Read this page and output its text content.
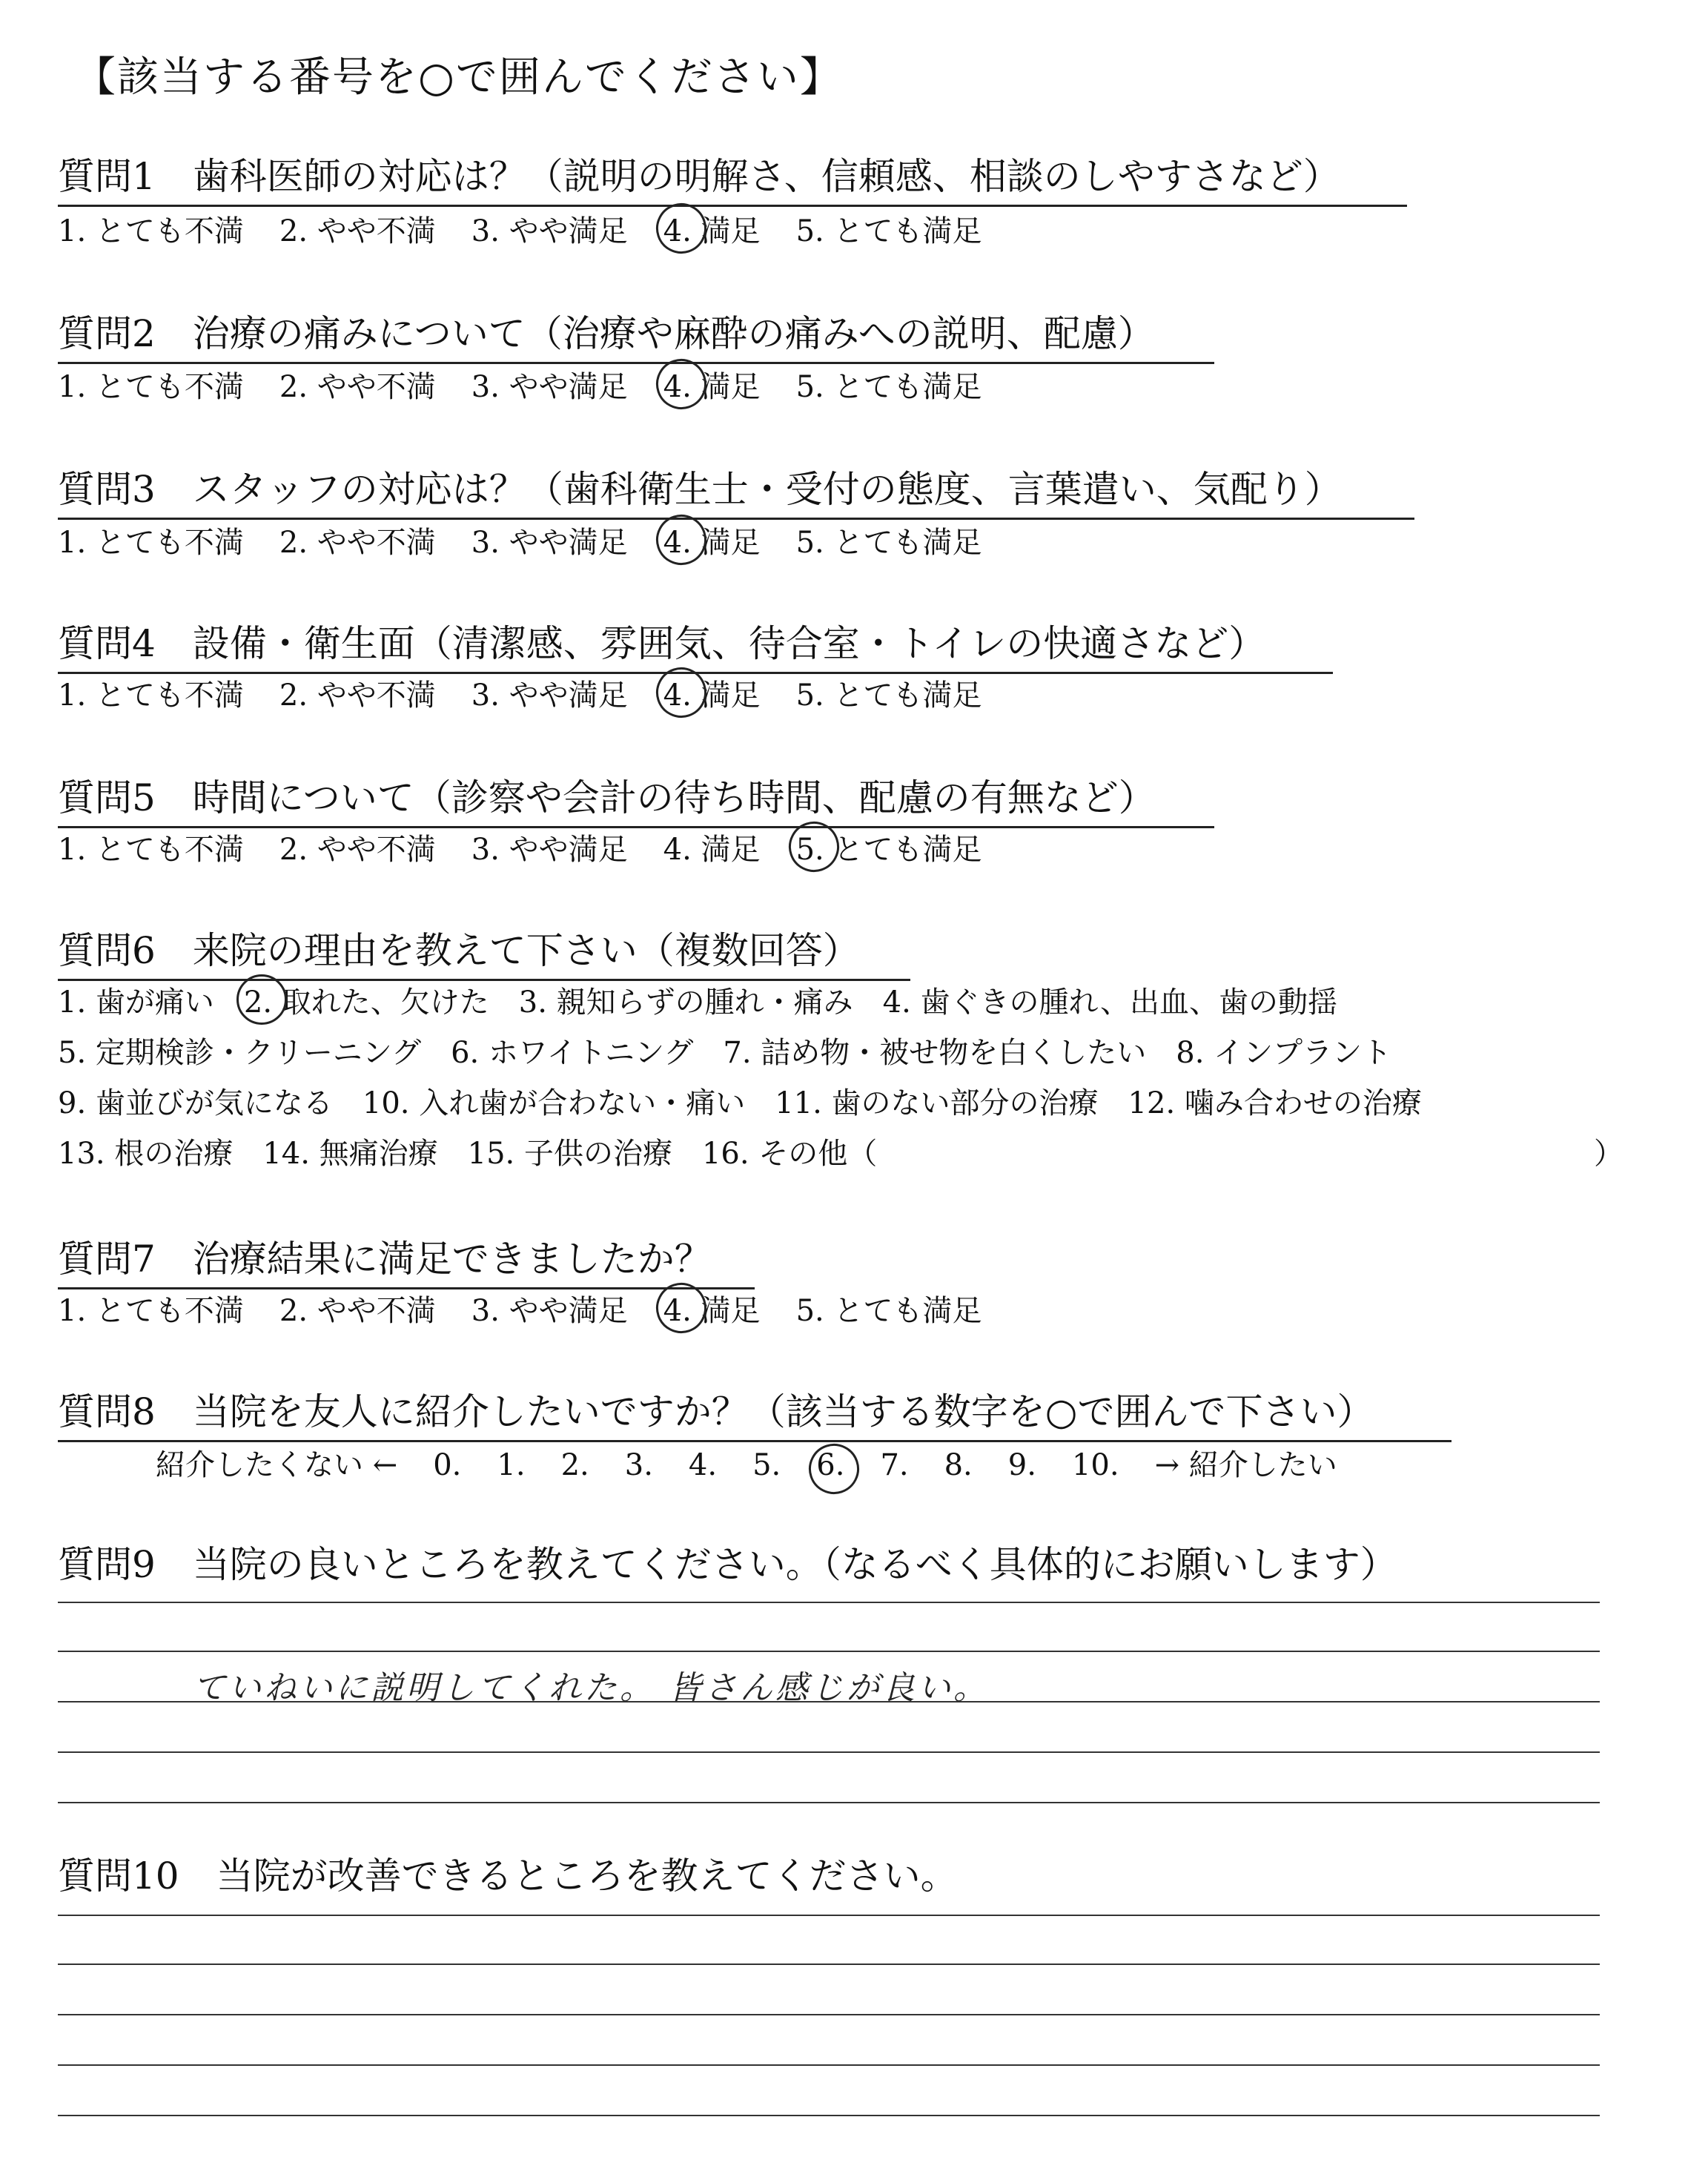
【該当する番号を○で囲んでください】
質問1　歯科医師の対応は？（説明の明解さ、信頼感、相談のしやすさなど）
1. とても不満 2. やや不満 3. やや満足 4. 満足 5. とても満足
質問2　治療の痛みについて（治療や麻酔の痛みへの説明、配慮）
1. とても不満 2. やや不満 3. やや満足 4. 満足 5. とても満足
質問3　スタッフの対応は？（歯科衛生士・受付の態度、言葉遣い、気配り）
1. とても不満 2. やや不満 3. やや満足 4. 満足 5. とても満足
質問4　設備・衛生面（清潔感、雰囲気、待合室・トイレの快適さなど）
1. とても不満 2. やや不満 3. やや満足 4. 満足 5. とても満足
質問5　時間について（診察や会計の待ち時間、配慮の有無など）
1. とても不満 2. やや不満 3. やや満足 4. 満足 5. とても満足
質問6　来院の理由を教えて下さい（複数回答）
1. 歯が痛い 2. 取れた、欠けた 3. 親知らずの腫れ・痛み 4. 歯ぐきの腫れ、出血、歯の動揺
5. 定期検診・クリーニング 6. ホワイトニング 7. 詰め物・被せ物を白くしたい 8. インプラント
9. 歯並びが気になる 10. 入れ歯が合わない・痛い 11. 歯のない部分の治療 12. 噛み合わせの治療
13. 根の治療 14. 無痛治療 15. 子供の治療 16. その他（	）
質問7　治療結果に満足できましたか？
1. とても不満 2. やや不満 3. やや満足 4. 満足 5. とても満足
質問8　当院を友人に紹介したいですか？（該当する数字を○で囲んで下さい）
紹介したくない ← 0. 1. 2. 3. 4. 5. 6. 7. 8. 9. 10. → 紹介したい
質問9　当院の良いところを教えてください。（なるべく具体的にお願いします）
ていねいに説明してくれた。 皆さん感じが良い。
質問10　当院が改善できるところを教えてください。
